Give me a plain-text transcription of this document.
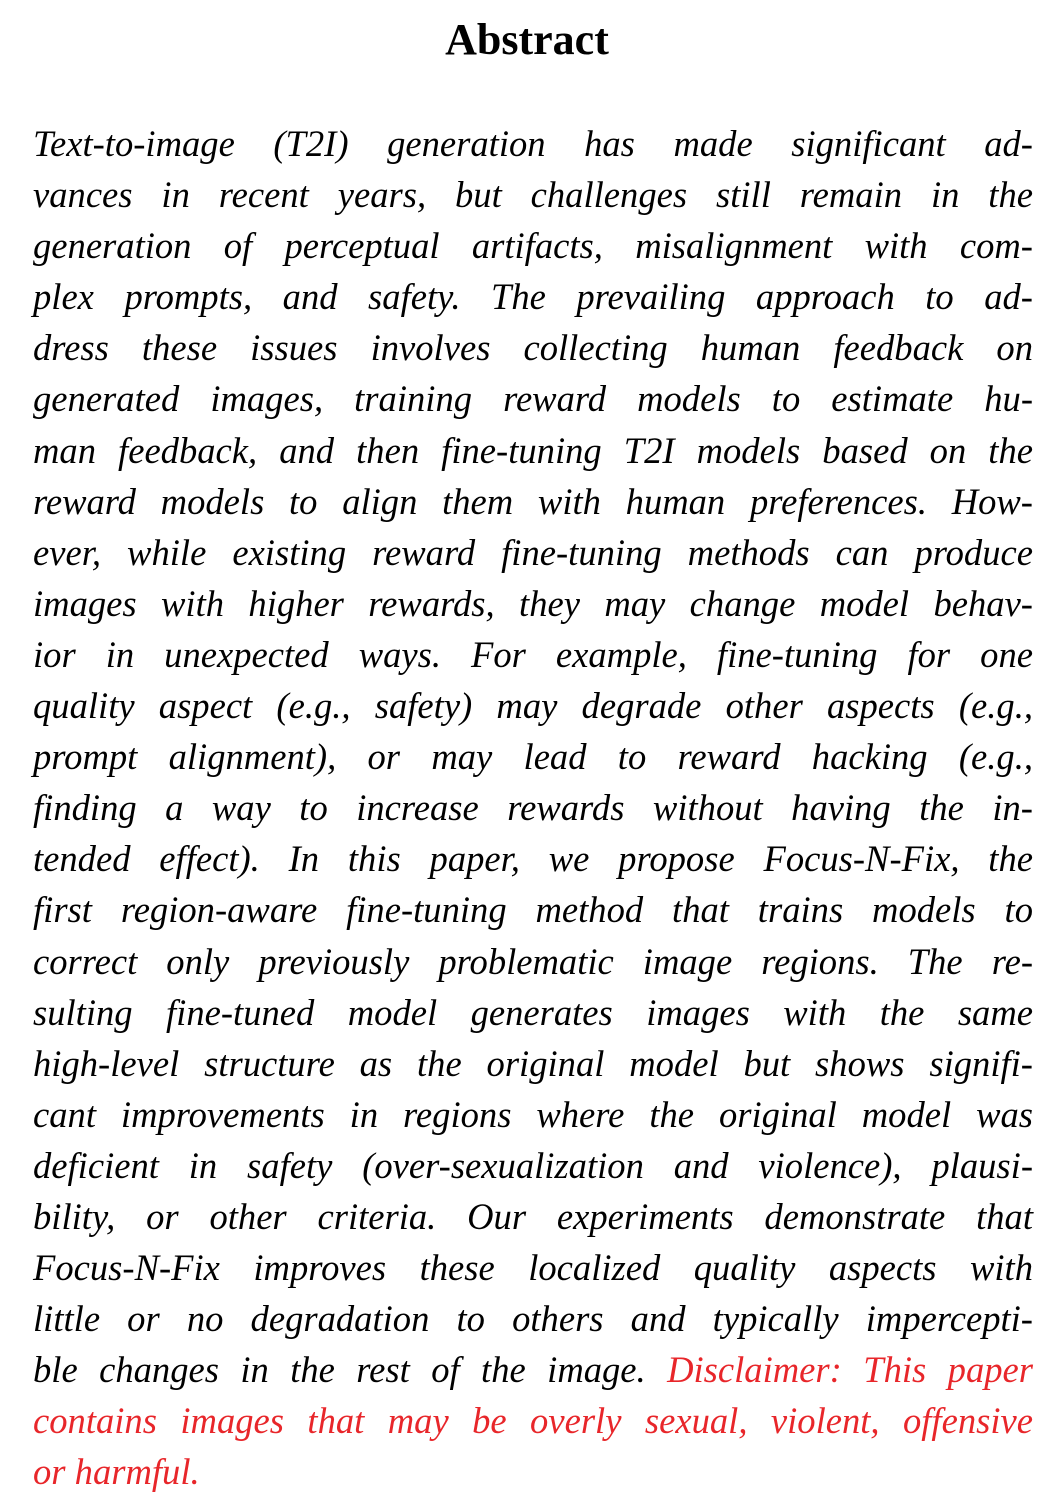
Abstract
Text-to-image (T2I) generation has made significant ad-
vances in recent years, but challenges still remain in the
generation of perceptual artifacts, misalignment with com-
plex prompts, and safety. The prevailing approach to ad-
dress these issues involves collecting human feedback on
generated images, training reward models to estimate hu-
man feedback, and then fine-tuning T2I models based on the
reward models to align them with human preferences. How-
ever, while existing reward fine-tuning methods can produce
images with higher rewards, they may change model behav-
ior in unexpected ways. For example, fine-tuning for one
quality aspect (e.g., safety) may degrade other aspects (e.g.,
prompt alignment), or may lead to reward hacking (e.g.,
finding a way to increase rewards without having the in-
tended effect). In this paper, we propose Focus-N-Fix, the
first region-aware fine-tuning method that trains models to
correct only previously problematic image regions. The re-
sulting fine-tuned model generates images with the same
high-level structure as the original model but shows signifi-
cant improvements in regions where the original model was
deficient in safety (over-sexualization and violence), plausi-
bility, or other criteria. Our experiments demonstrate that
Focus-N-Fix improves these localized quality aspects with
little or no degradation to others and typically impercepti-
ble changes in the rest of the image. Disclaimer: This paper
contains images that may be overly sexual, violent, offensive
or harmful.
